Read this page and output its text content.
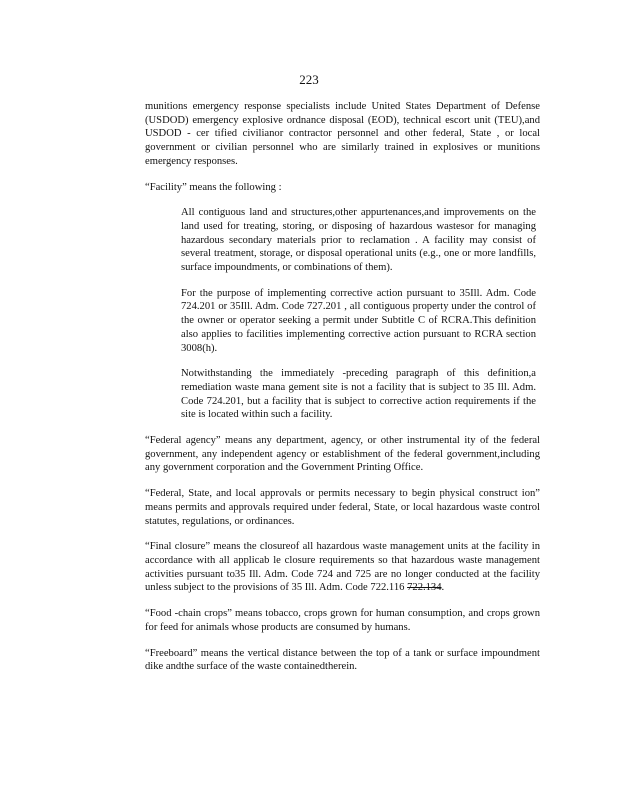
223

munitions emergency response specialists include United States Department of Defense (USDOD) emergency explosive ordnance disposal (EOD), technical escort unit (TEU),and USDOD - cer tified civilianor contractor personnel and other federal, State , or local government or civilian personnel who are similarly trained in explosives or munitions emergency responses.

“Facility” means the following :

All contiguous land and structures,other appurtenances,and improvements on the land used for treating, storing, or disposing of hazardous wastesor for managing hazardous secondary materials prior to reclamation . A facility may consist of several treatment, storage, or disposal operational units (e.g., one or more landfills, surface impoundments, or combinations of them).

For the purpose of implementing corrective action pursuant to 35Ill. Adm. Code 724.201 or 35Ill. Adm. Code 727.201 , all contiguous property under the control of the owner or operator seeking a permit under Subtitle C of RCRA.This definition also applies to facilities implementing corrective action pursuant to RCRA section 3008(h).

Notwithstanding the immediately -preceding paragraph of this definition,a remediation waste mana gement site is not a facility that is subject to 35 Ill. Adm. Code 724.201, but a facility that is subject to corrective action requirements if the site is located within such a facility.

“Federal agency” means any department, agency, or other instrumental ity of the federal government, any independent agency or establishment of the federal government,including any government corporation and the Government Printing Office.

“Federal, State, and local approvals or permits necessary to begin physical construct ion” means permits and approvals required under federal, State, or local hazardous waste control statutes, regulations, or ordinances.

“Final closure” means the closureof all hazardous waste management units at the facility in accordance with all applicab le closure requirements so that hazardous waste management activities pursuant to35 Ill. Adm. Code 724 and 725 are no longer conducted at the facility unless subject to the provisions of 35 Ill. Adm. Code 722.116 722.134.

“Food -chain crops” means tobacco, crops grown for human consumption, and crops grown for feed for animals whose products are consumed by humans.

“Freeboard” means the vertical distance between the top of a tank or surface impoundment dike andthe surface of the waste containedtherein.
